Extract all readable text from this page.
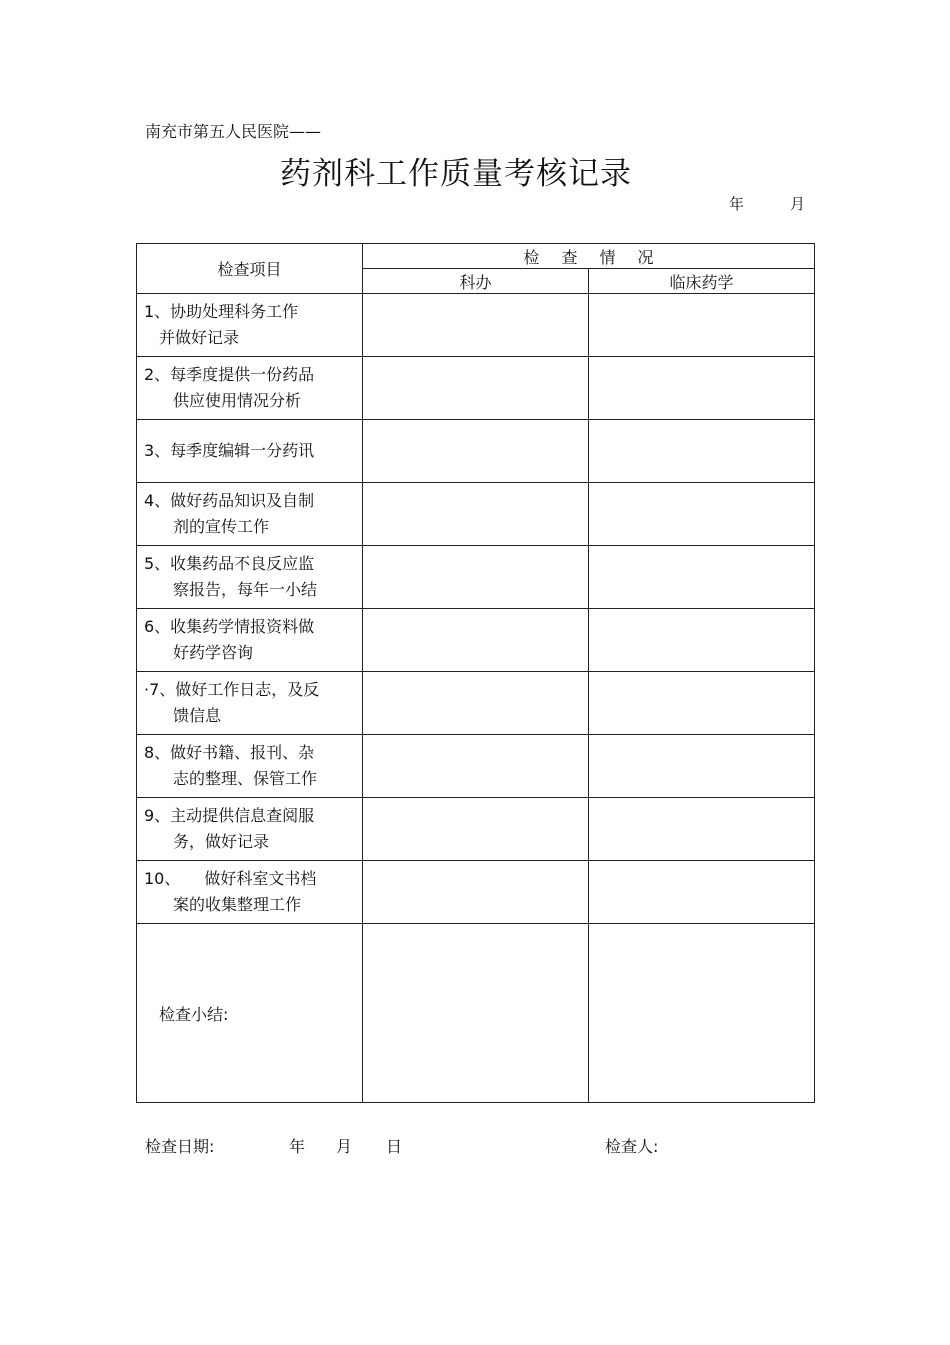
南充市第五人民医院——
药剂科工作质量考核记录
年	月
检查项目	检 查 情 况	
	科办	临床药学
1、协助处理科务工作
并做好记录		

2、每季度提供一份药品
供应使用情况分析		

3、每季度编辑一分药讯		
4、做好药品知识及自制
剂的宣传工作		

5、收集药品不良反应监
察报告，每年一小结		

6、收集药学情报资料做
好药学咨询		

·7、做好工作日志，及反
馈信息		

8、做好书籍、报刊、杂
志的整理、保管工作		

9、主动提供信息查阅服
务，做好记录		

10、　　做好科室文书档
案的收集整理工作		

检查小结:		
检查日期:	年 月 日	检查人:
